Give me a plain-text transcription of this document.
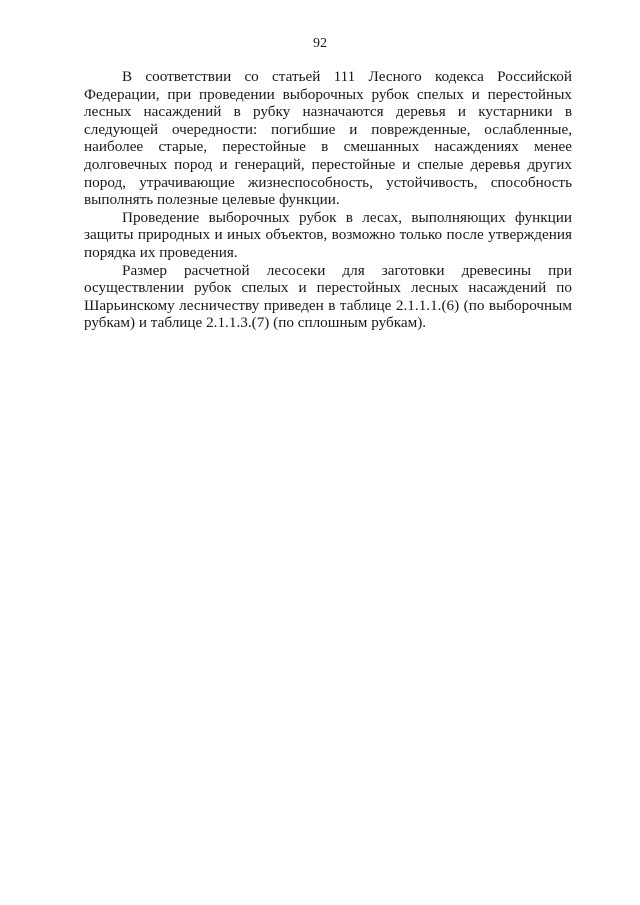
92

В соответствии со статьей 111 Лесного кодекса Российской Федерации, при проведении выборочных рубок спелых и перестойных лесных насаждений в рубку назначаются деревья и кустарники в следующей очередности: погибшие и поврежденные, ослабленные, наиболее старые, перестойные в смешанных насаждениях менее долговечных пород и генераций, перестойные и спелые деревья других пород, утрачивающие жизнеспособность, устойчивость, способность выполнять полезные целевые функции.

Проведение выборочных рубок в лесах, выполняющих функции защиты природных и иных объектов, возможно только после утверждения порядка их проведения.

Размер расчетной лесосеки для заготовки древесины при осуществлении рубок спелых и перестойных лесных насаждений по Шарьинскому лесничеству приведен в таблице 2.1.1.1.(6) (по выборочным рубкам) и таблице 2.1.1.3.(7) (по сплошным рубкам).
